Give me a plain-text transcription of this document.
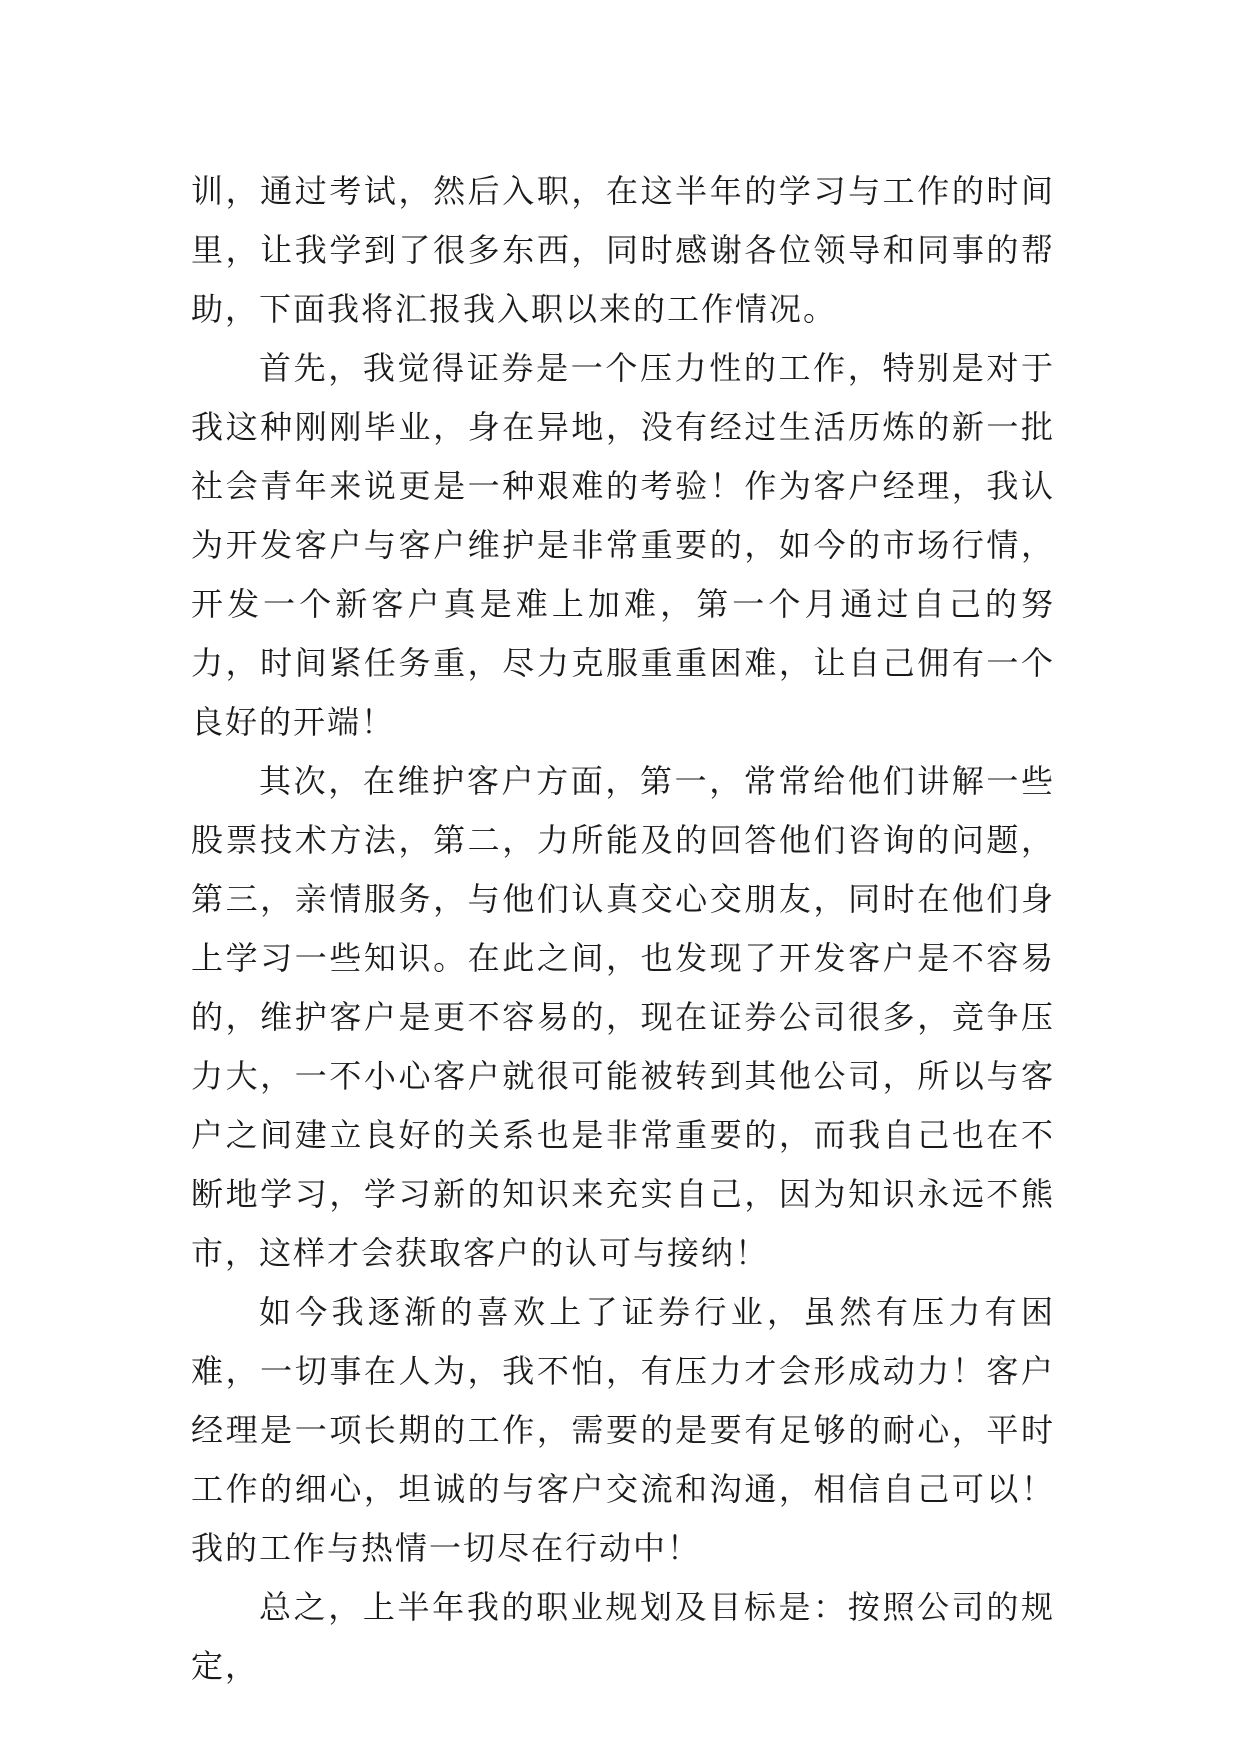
训，通过考试，然后入职，在这半年的学习与工作的时间里，让我学到了很多东西，同时感谢各位领导和同事的帮助，下面我将汇报我入职以来的工作情况。

首先，我觉得证券是一个压力性的工作，特别是对于我这种刚刚毕业，身在异地，没有经过生活历炼的新一批社会青年来说更是一种艰难的考验！作为客户经理，我认为开发客户与客户维护是非常重要的，如今的市场行情，开发一个新客户真是难上加难，第一个月通过自己的努力，时间紧任务重，尽力克服重重困难，让自己佣有一个良好的开端！

其次，在维护客户方面，第一，常常给他们讲解一些股票技术方法，第二，力所能及的回答他们咨询的问题，第三，亲情服务，与他们认真交心交朋友，同时在他们身上学习一些知识。在此之间，也发现了开发客户是不容易的，维护客户是更不容易的，现在证券公司很多，竞争压力大，一不小心客户就很可能被转到其他公司，所以与客户之间建立良好的关系也是非常重要的，而我自己也在不断地学习，学习新的知识来充实自己，因为知识永远不熊市，这样才会获取客户的认可与接纳！

如今我逐渐的喜欢上了证券行业，虽然有压力有困难，一切事在人为，我不怕，有压力才会形成动力！客户经理是一项长期的工作，需要的是要有足够的耐心，平时工作的细心，坦诚的与客户交流和沟通，相信自己可以！我的工作与热情一切尽在行动中！

总之，上半年我的职业规划及目标是：按照公司的规定，
